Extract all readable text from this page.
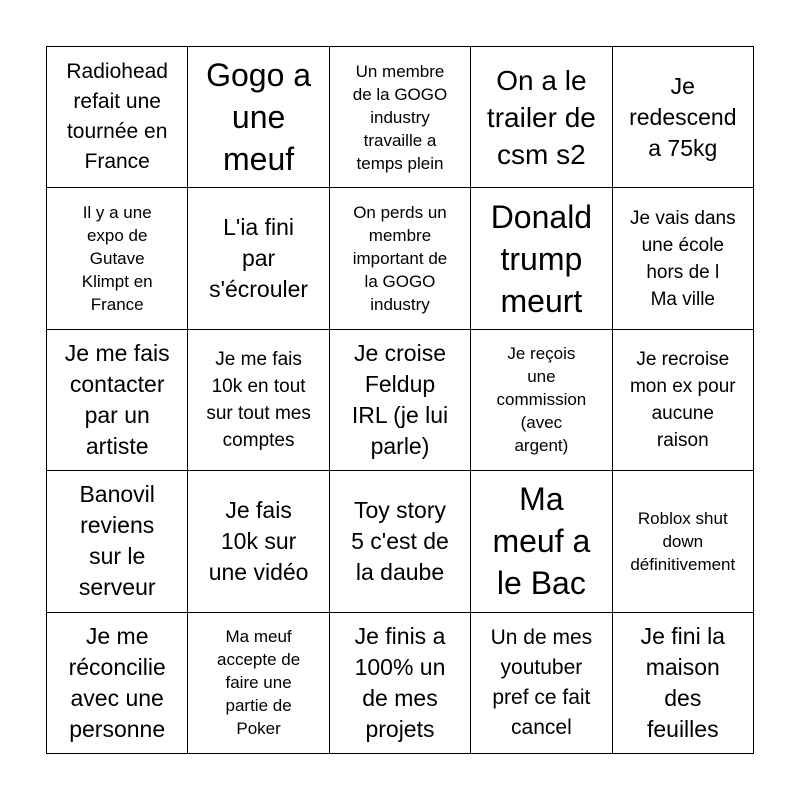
Radiohead
refait une
tournée en
France
Gogo a
une
meuf
Un membre
de la GOGO
industry
travaille a
temps plein
On a le
trailer de
csm s2
Je
redescend
a 75kg
Il y a une
expo de
Gutave
Klimpt en
France
L'ia fini
par
s'écrouler
On perds un
membre
important de
la GOGO
industry
Donald
trump
meurt
Je vais dans
une école
hors de l
Ma ville
Je me fais
contacter
par un
artiste
Je me fais
10k en tout
sur tout mes
comptes
Je croise
Feldup
IRL (je lui
parle)
Je reçois
une
commission
(avec
argent)
Je recroise
mon ex pour
aucune
raison
Banovil
reviens
sur le
serveur
Je fais
10k sur
une vidéo
Toy story
5 c'est de
la daube
Ma
meuf a
le Bac
Roblox shut
down
définitivement
Je me
réconcilie
avec une
personne
Ma meuf
accepte de
faire une
partie de
Poker
Je finis a
100% un
de mes
projets
Un de mes
youtuber
pref ce fait
cancel
Je fini la
maison
des
feuilles
